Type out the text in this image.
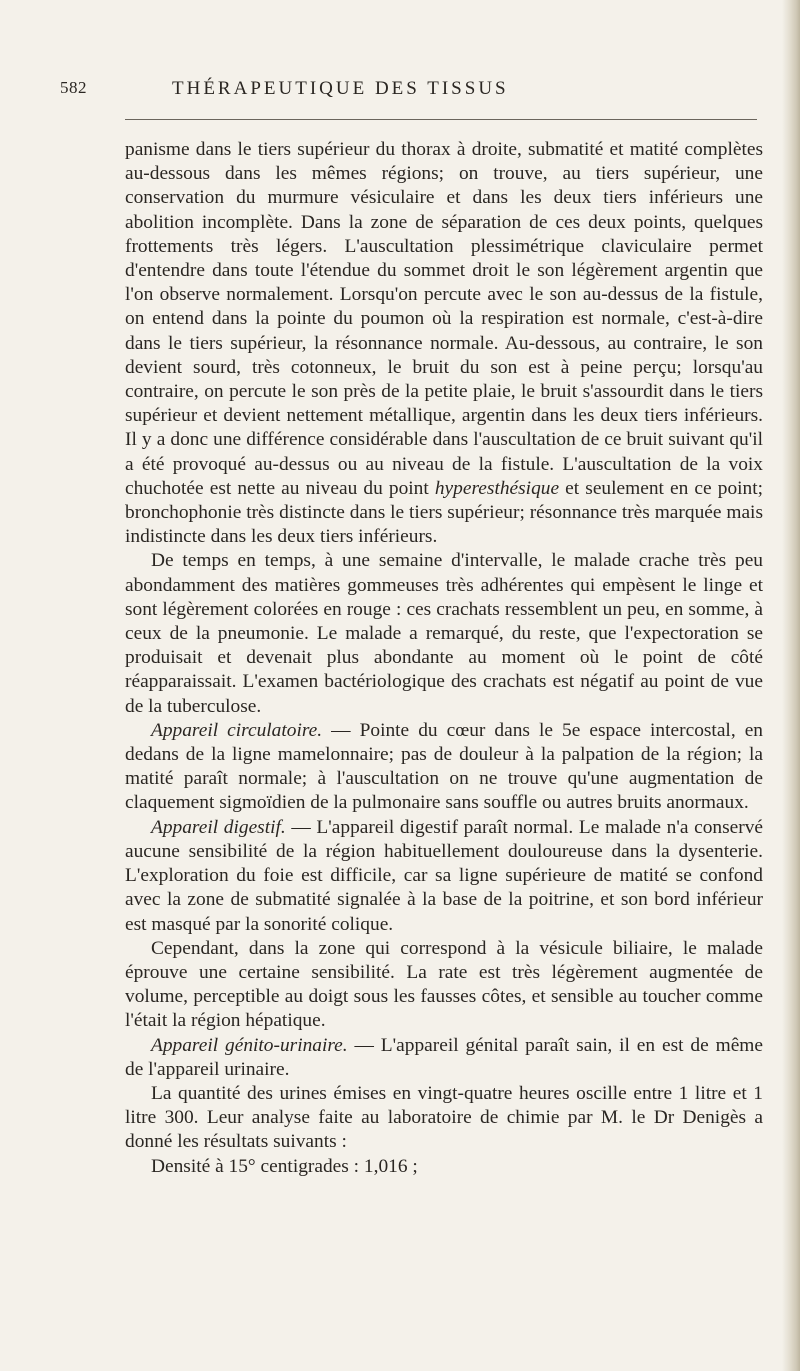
582	THÉRAPEUTIQUE DES TISSUS

panisme dans le tiers supérieur du thorax à droite, submatité et matité complètes au-dessous dans les mêmes régions; on trouve, au tiers supérieur, une conservation du murmure vésiculaire et dans les deux tiers inférieurs une abolition incomplète. Dans la zone de séparation de ces deux points, quelques frottements très légers. L'auscultation plessimétrique claviculaire permet d'entendre dans toute l'étendue du sommet droit le son légèrement argentin que l'on observe normalement. Lorsqu'on percute avec le son au-dessus de la fistule, on entend dans la pointe du poumon où la respiration est normale, c'est-à-dire dans le tiers supérieur, la résonnance normale. Au-dessous, au contraire, le son devient sourd, très cotonneux, le bruit du son est à peine perçu; lorsqu'au contraire, on percute le son près de la petite plaie, le bruit s'assourdit dans le tiers supérieur et devient nettement métallique, argentin dans les deux tiers inférieurs. Il y a donc une différence considérable dans l'auscultation de ce bruit suivant qu'il a été provoqué au-dessus ou au niveau de la fistule. L'auscultation de la voix chuchotée est nette au niveau du point hyperesthésique et seulement en ce point; bronchophonie très distincte dans le tiers supérieur; résonnance très marquée mais indistincte dans les deux tiers inférieurs.

De temps en temps, à une semaine d'intervalle, le malade crache très peu abondamment des matières gommeuses très adhérentes qui empèsent le linge et sont légèrement colorées en rouge : ces crachats ressemblent un peu, en somme, à ceux de la pneumonie. Le malade a remarqué, du reste, que l'expectoration se produisait et devenait plus abondante au moment où le point de côté réapparaissait. L'examen bactériologique des crachats est négatif au point de vue de la tuberculose.

Appareil circulatoire. — Pointe du cœur dans le 5e espace intercostal, en dedans de la ligne mamelonnaire; pas de douleur à la palpation de la région; la matité paraît normale; à l'auscultation on ne trouve qu'une augmentation de claquement sigmoïdien de la pulmonaire sans souffle ou autres bruits anormaux.

Appareil digestif. — L'appareil digestif paraît normal. Le malade n'a conservé aucune sensibilité de la région habituellement douloureuse dans la dysenterie. L'exploration du foie est difficile, car sa ligne supérieure de matité se confond avec la zone de submatité signalée à la base de la poitrine, et son bord inférieur est masqué par la sonorité colique.

Cependant, dans la zone qui correspond à la vésicule biliaire, le malade éprouve une certaine sensibilité. La rate est très légèrement augmentée de volume, perceptible au doigt sous les fausses côtes, et sensible au toucher comme l'était la région hépatique.

Appareil génito-urinaire. — L'appareil génital paraît sain, il en est de même de l'appareil urinaire.

La quantité des urines émises en vingt-quatre heures oscille entre 1 litre et 1 litre 300. Leur analyse faite au laboratoire de chimie par M. le Dr Denigès a donné les résultats suivants :

Densité à 15° centigrades : 1,016 ;
